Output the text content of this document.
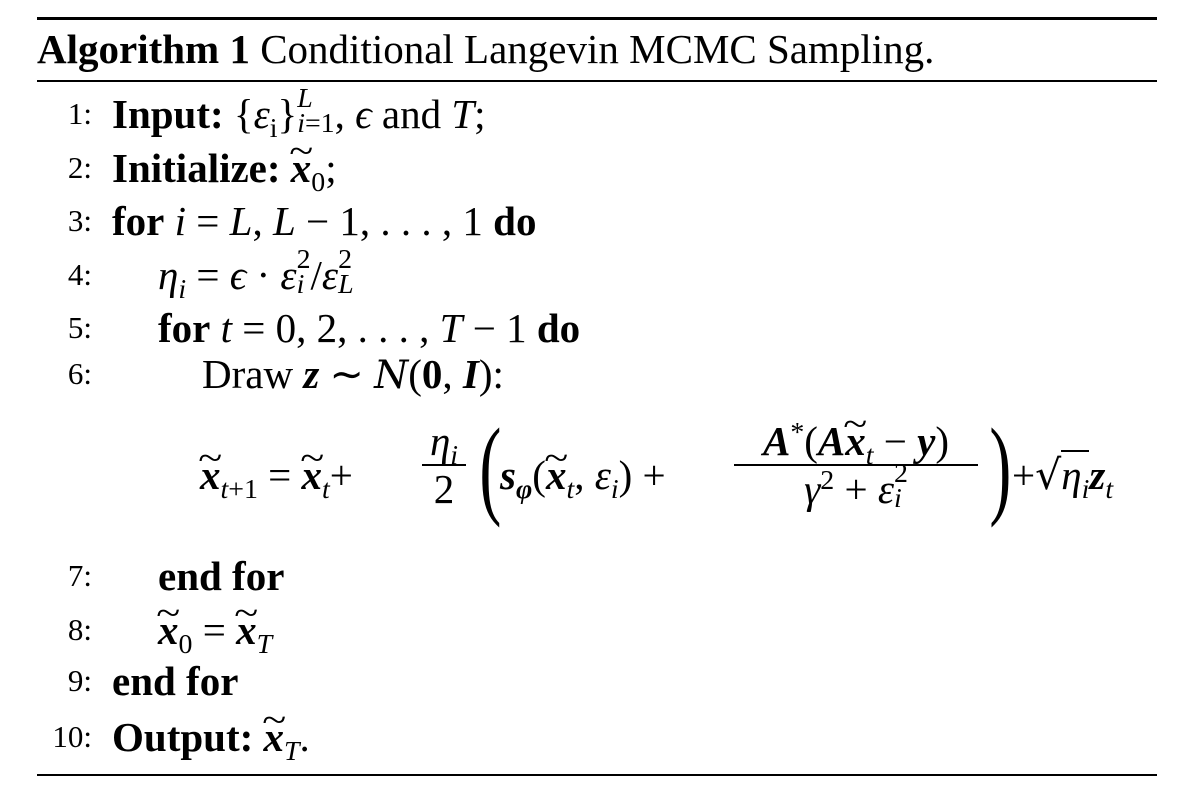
Algorithm 1 Conditional Langevin MCMC Sampling.
1: Input: $\{\varepsilon_i\}$ L
i=1 , ϵ and T;
2: Initialize: ~ $x_0$;
3: for i = L, L − 1, . . . , 1 do
4: $\eta_i = \epsilon \cdot \varepsilon$ 2
i /ε 2
L
5: for t = 0, 2, . . . , T − 1 do
6:	Draw z ∼ N(0, I):
~ $x_{t+1}$ = ~ $x_t+$
$\eta_i$
2 (
$s_\varphi(\sim$ $x_t$, $\varepsilon_i$) +
A*(A~ $x_t - y$)
$\gamma^2 + \varepsilon$ 2
i ) $+√\eta_iz_t$
7: end for
8: ~ $x_0$ = ~ $x_T$
9: end for
10: Output: ~ $x_T$.
